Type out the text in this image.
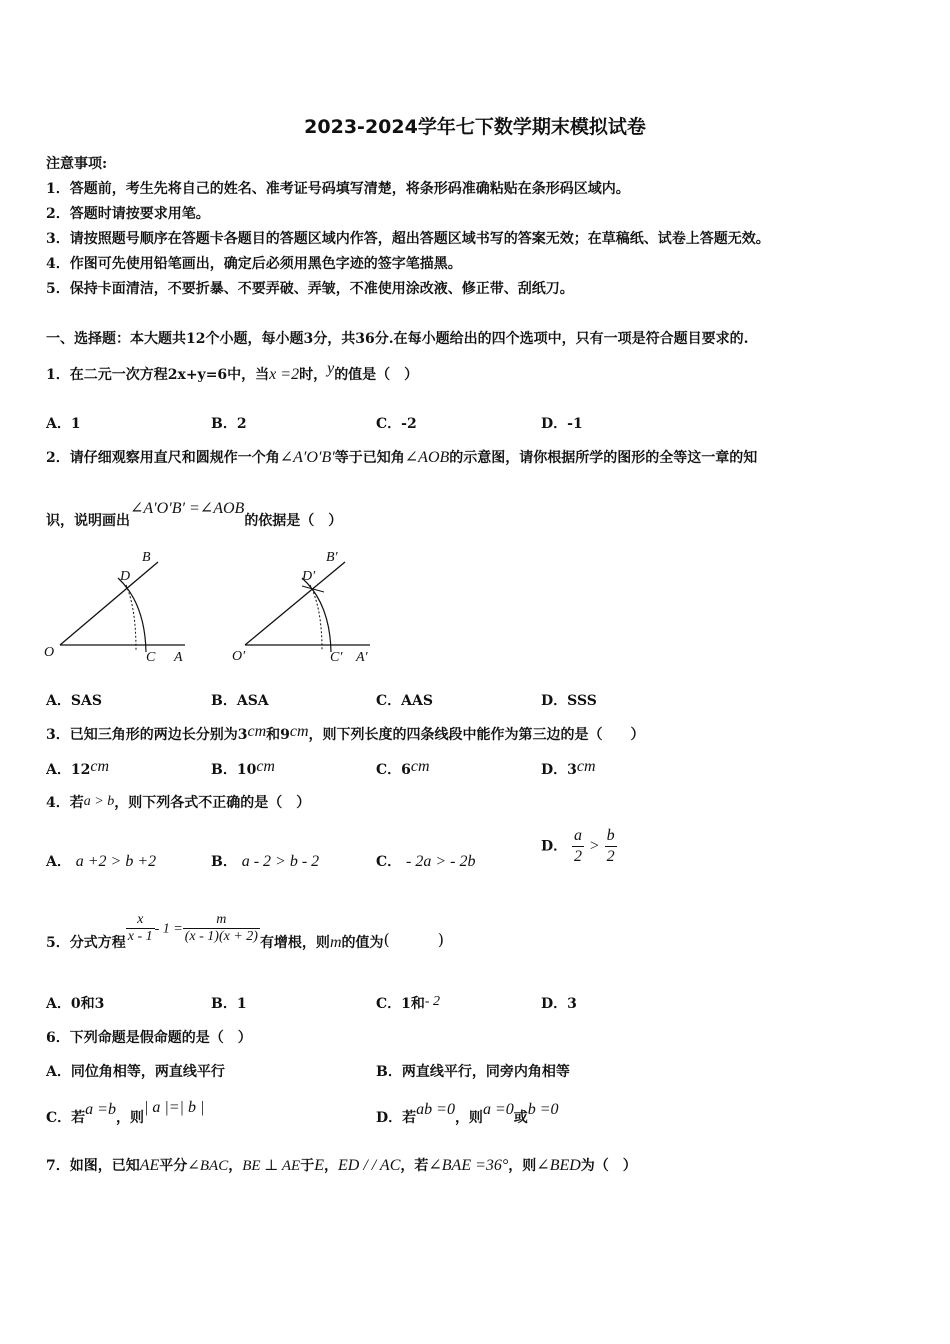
2023-2024学年七下数学期末模拟试卷
注意事项:
1．答题前，考生先将自己的姓名、准考证号码填写清楚，将条形码准确粘贴在条形码区域内。
2．答题时请按要求用笔。
3．请按照题号顺序在答题卡各题目的答题区域内作答，超出答题区域书写的答案无效；在草稿纸、试卷上答题无效。
4．作图可先使用铅笔画出，确定后必须用黑色字迹的签字笔描黑。
5．保持卡面清洁，不要折暴、不要弄破、弄皱，不准使用涂改液、修正带、刮纸刀。
一、选择题：本大题共12个小题，每小题3分，共36分.在每小题给出的四个选项中，只有一项是符合题目要求的.
1．在二元一次方程2x+y=6中，当x =2时，y的值是（　）
A．1	B．2	C．-2	D．-1
2．请仔细观察用直尺和圆规作一个角∠A′O′B′等于已知角∠AOB的示意图，请你根据所学的图形的全等这一章的知
识，说明画出∠A′O′B′ =∠AOB的依据是（　）
B
D
O	C A
B′
D′
O′	C′ A′
A．SAS	B．ASA	C．AAS	D．SSS
3．已知三角形的两边长分别为3cm和9cm，则下列长度的四条线段中能作为第三边的是（　　）
A．12cm	B．10cm	C．6cm	D．3cm
4．若a > b，则下列各式不正确的是（　）
A． a +2 > b +2	B． a - 2 > b - 2	C． - 2a > - 2b
D． $\frac{a}{2} > \frac{b}{2}$
5．分式方程 $\frac{x}{x - 1} - 1 = \frac{m}{(x - 1)(x + 2)}$ 有增根，则m的值为(　　　)
A．0和3	B．1	C．1和- 2	D．3
6．下列命题是假命题的是（　）
A．同位角相等，两直线平行	B．两直线平行，同旁内角相等
C．若a =b，则| a |=| b |
D．若ab =0，则a =0或b =0
7．如图，已知AE平分∠BAC，BE ⊥ AE于E，ED / / AC，若∠BAE =36°，则∠BED为（　）
